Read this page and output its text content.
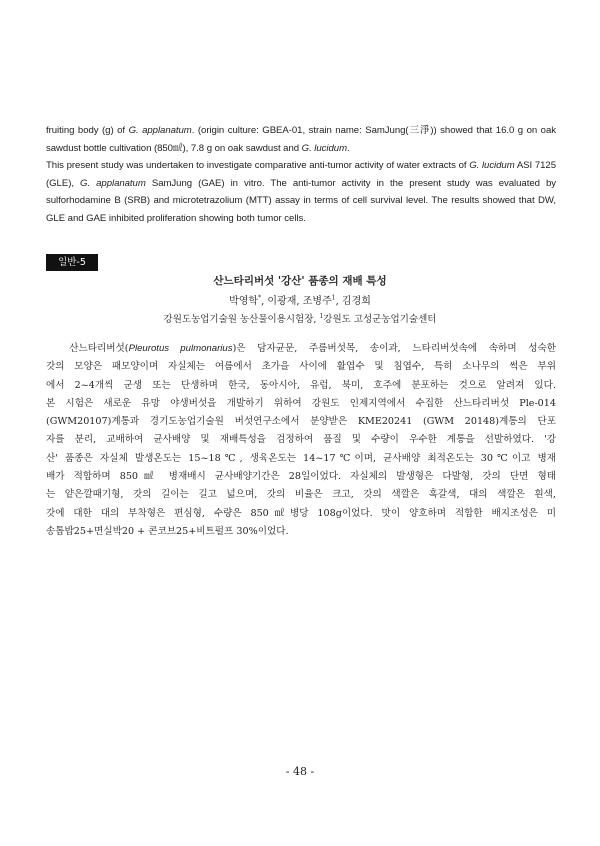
fruiting body (g) of G. applanatum. (origin culture: GBEA-01, strain name: SamJung(三淨)) showed that 16.0 g on oak sawdust bottle cultivation (850㎖), 7.8 g on oak sawdust and G. lucidum.

This present study was undertaken to investigate comparative anti-tumor activity of water extracts of G. lucidum ASI 7125 (GLE), G. applanatum SamJung (GAE) in vitro. The anti-tumor activity in the present study was evaluated by sulforhodamine B (SRB) and microtetrazolium (MTT) assay in terms of cell survival level. The results showed that DW, GLE and GAE inhibited proliferation showing both tumor cells.

일반-5
산느타리버섯 '강산' 품종의 재배 특성
박영학*, 이광재, 조병주$^1$, 김경희
강원도농업기술원 농산물이용시험장, $^1$강원도 고성군농업기술센터
산느타리버섯(Pleurotus pulmonarius)은 담자균문, 주름버섯목, 송이과, 느타리버섯속에 속하며 성숙한
갓의 모양은 패모양이며 자실체는 여름에서 초가을 사이에 활엽수 및 침엽수, 특히 소나무의 썩은 부위
에서 2~4개씩 군생 또는 단생하며 한국, 동아시아, 유럽, 북미, 호주에 분포하는 것으로 알려져 있다.
본 시험은 새로운 유망 야생버섯을 개발하기 위하여 강원도 인제지역에서 수집한 산느타리버섯 Ple-014
(GWM20107)계통과 경기도농업기술원 버섯연구소에서 분양받은 KME20241 (GWM 20148)계통의 단포
자를 분리, 교배하여 균사배양 및 재배특성을 검정하여 품질 및 수량이 우수한 계통을 선발하였다. '강
산' 품종은 자실체 발생온도는 15~18℃, 생육온도는 14~17℃이며, 균사배양 최적온도는 30℃이고 병재
배가 적합하며 850㎖ 병재배시 균사배양기간은 28일이었다. 자실체의 발생형은 다발형, 갓의 단면 형태
는 얕은깔때기형, 갓의 길이는 길고 넓으며, 갓의 비율은 크고, 갓의 색깔은 흑갈색, 대의 색깔은 흰색,
갓에 대한 대의 부착형은 편심형, 수량은 850㎖병당 108g이었다. 맛이 양호하며 적합한 배지조성은 미
송톱밥25+면실박20 + 콘코브25+비트펄프 30%이었다.
- 48 -
